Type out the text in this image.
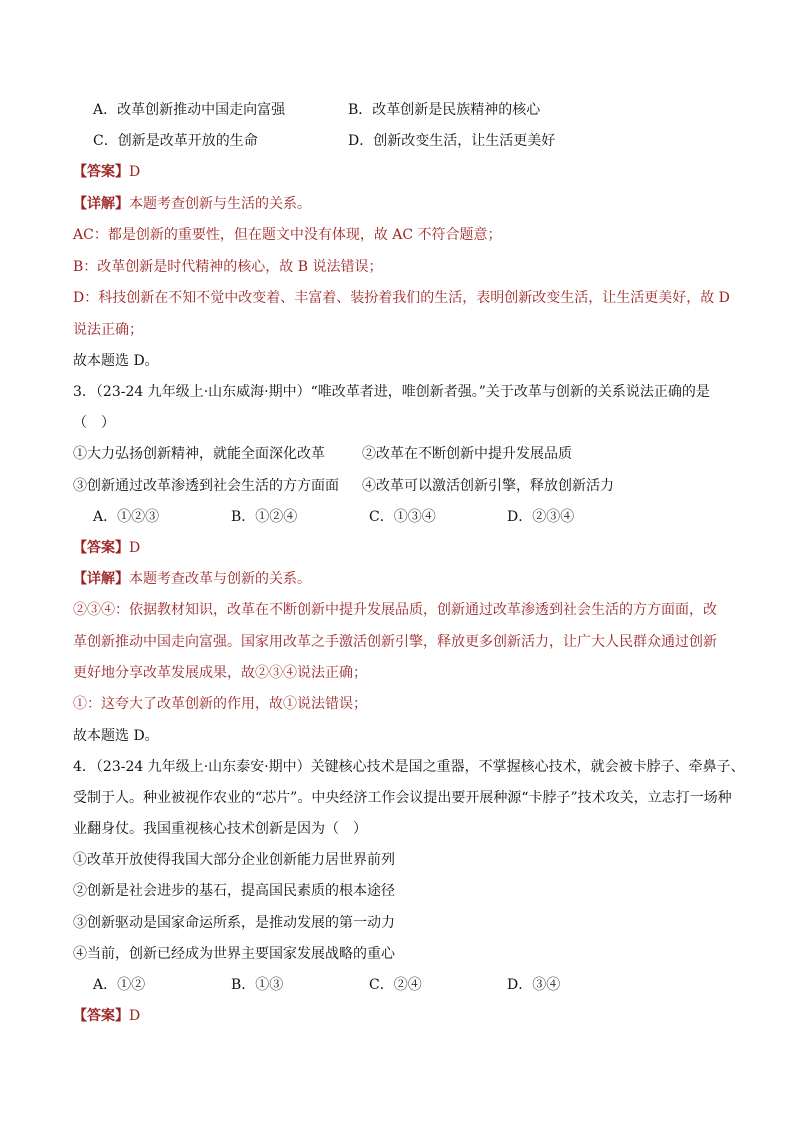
A．改革创新推动中国走向富强	B．改革创新是民族精神的核心
C．创新是改革开放的生命	D．创新改变生活，让生活更美好
【答案】D
【详解】本题考查创新与生活的关系。
AC：都是创新的重要性，但在题文中没有体现，故 AC 不符合题意；
B：改革创新是时代精神的核心，故 B 说法错误；
D：科技创新在不知不觉中改变着、丰富着、装扮着我们的生活，表明创新改变生活，让生活更美好，故 D
说法正确；
故本题选 D。
3．（23-24 九年级上·山东威海·期中）“唯改革者进，唯创新者强。”关于改革与创新的关系说法正确的是
（　）
①大力弘扬创新精神，就能全面深化改革	②改革在不断创新中提升发展品质
③创新通过改革渗透到社会生活的方方面面	④改革可以激活创新引擎，释放创新活力
A．①②③	B．①②④	C．①③④	D．②③④
【答案】D
【详解】本题考查改革与创新的关系。
②③④：依据教材知识，改革在不断创新中提升发展品质，创新通过改革渗透到社会生活的方方面面，改
革创新推动中国走向富强。国家用改革之手激活创新引擎，释放更多创新活力，让广大人民群众通过创新
更好地分享改革发展成果，故②③④说法正确；
①：这夸大了改革创新的作用，故①说法错误；
故本题选 D。
4．（23-24 九年级上·山东泰安·期中）关键核心技术是国之重器，不掌握核心技术，就会被卡脖子、牵鼻子、
受制于人。种业被视作农业的“芯片”。中央经济工作会议提出要开展种源“卡脖子”技术攻关，立志打一场种
业翻身仗。我国重视核心技术创新是因为（　）
①改革开放使得我国大部分企业创新能力居世界前列
②创新是社会进步的基石，提高国民素质的根本途径
③创新驱动是国家命运所系，是推动发展的第一动力
④当前，创新已经成为世界主要国家发展战略的重心
A．①②	B．①③	C．②④	D．③④
【答案】D
